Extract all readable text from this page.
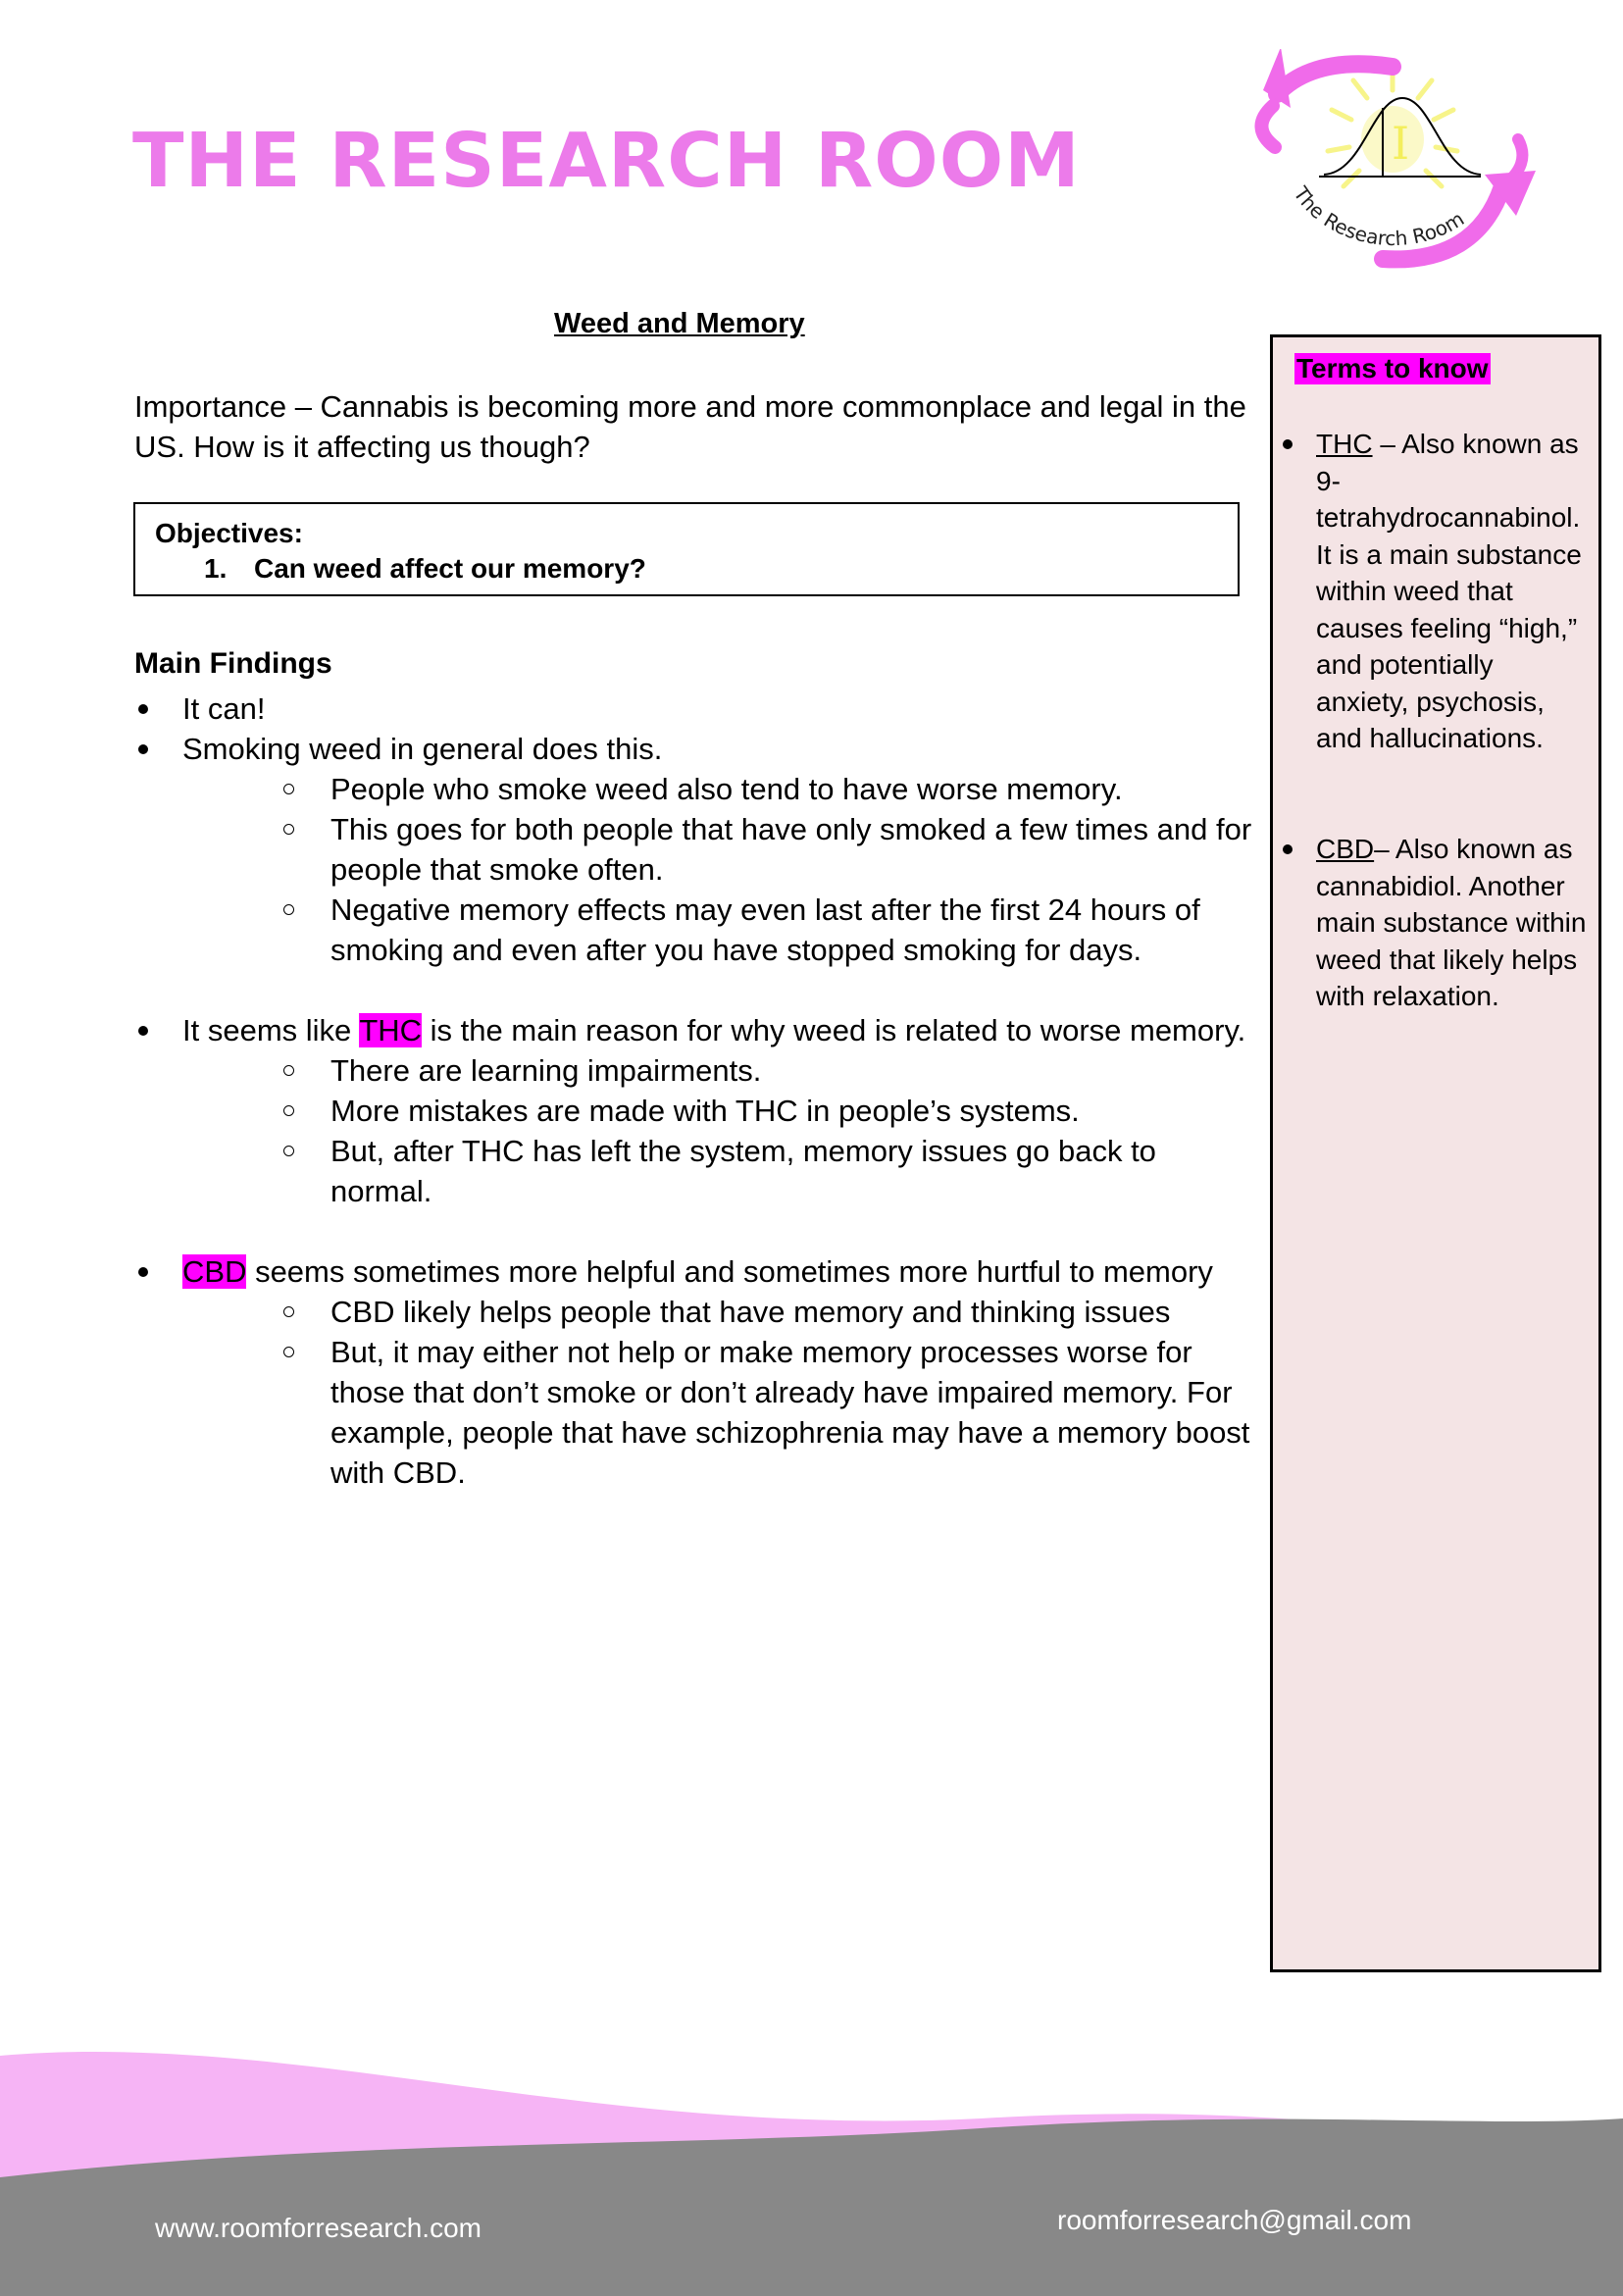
THE RESEARCH ROOM	I
The Research Room
Weed and Memory

Importance – Cannabis is becoming more and more commonplace and legal in the US. How is it affecting us though?

Objectives:
1. Can weed affect our memory?
Main Findings
It can!
Smoking weed in general does this.
People who smoke weed also tend to have worse memory.
This goes for both people that have only smoked a few times and for people that smoke often.
Negative memory effects may even last after the first 24 hours of smoking and even after you have stopped smoking for days.
It seems like THC is the main reason for why weed is related to worse memory.
There are learning impairments.
More mistakes are made with THC in people’s systems.
But, after THC has left the system, memory issues go back to normal.
CBD seems sometimes more helpful and sometimes more hurtful to memory
CBD likely helps people that have memory and thinking issues
But, it may either not help or make memory processes worse for those that don’t smoke or don’t already have impaired memory. For example, people that have schizophrenia may have a memory boost with CBD.
Terms to know
THC – Also known as 9-tetrahydrocannabinol. It is a main substance within weed that causes feeling “high,” and potentially anxiety, psychosis, and hallucinations.
CBD– Also known as cannabidiol. Another main substance within weed that likely helps with relaxation.
www.roomforresearch.com	roomforresearch@gmail.com
